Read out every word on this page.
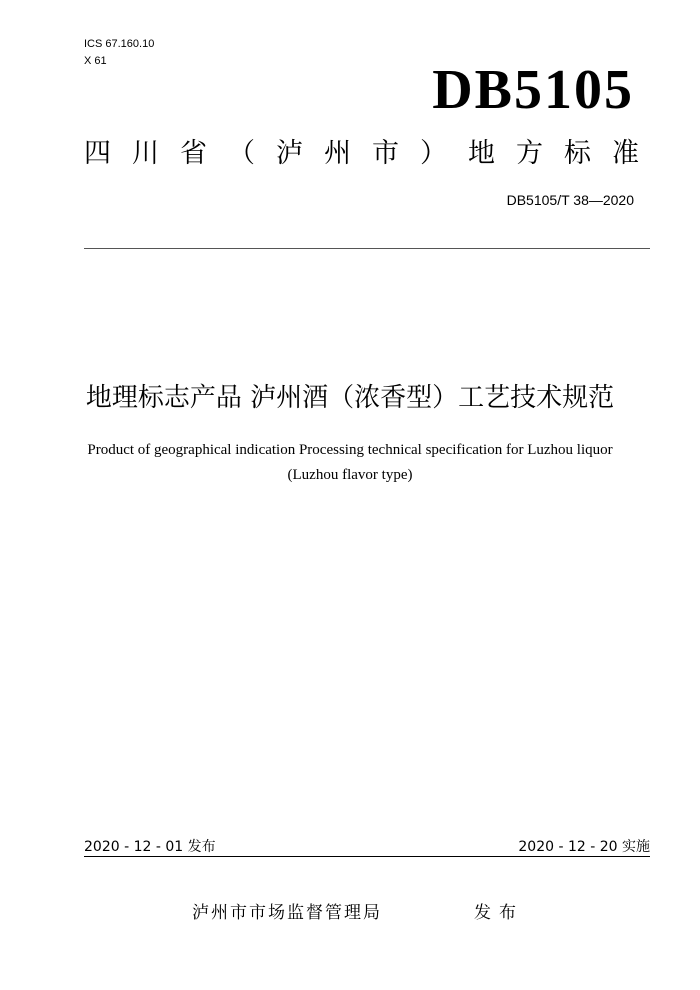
ICS 67.160.10
X 61	DB5105
四 川 省 （ 泸 州 市 ） 地 方 标 准
DB5105/T 38—2020
地理标志产品 泸州酒（浓香型）工艺技术规范
Product of geographical indication Processing technical specification for Luzhou liquor (Luzhou flavor type)
2020 - 12 - 01 发布	2020 - 12 - 20 实施
泸州市市场监督管理局	发布
